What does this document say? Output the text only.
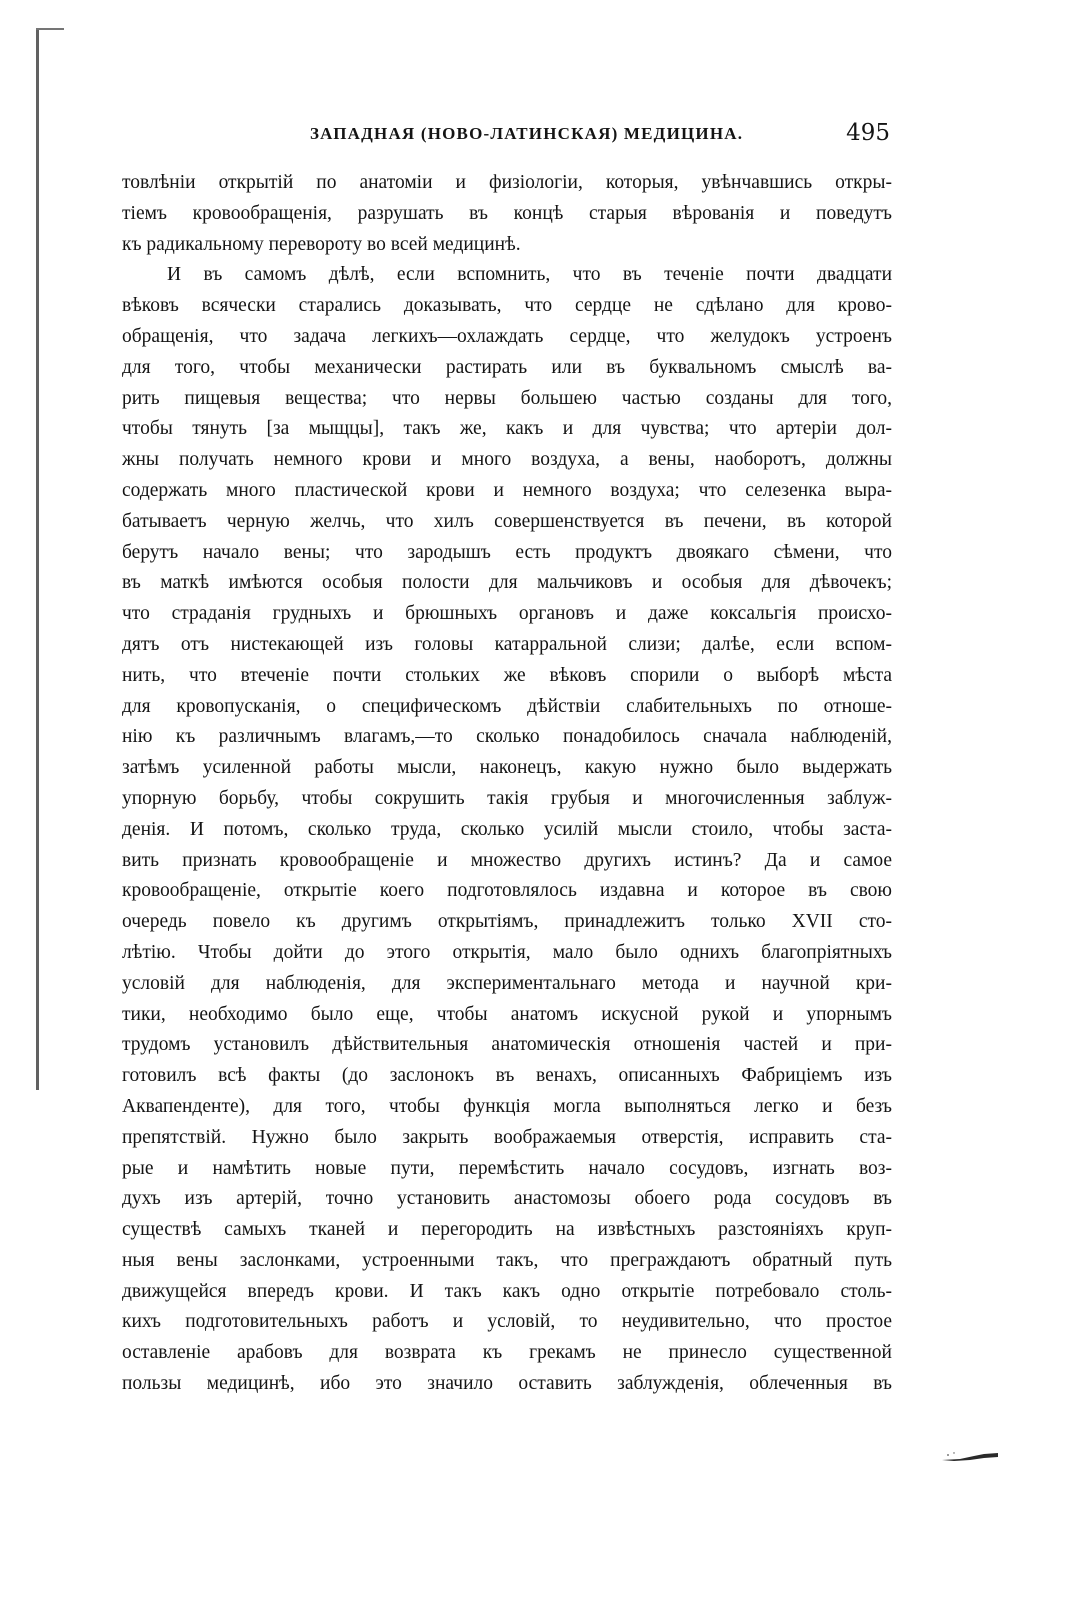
ЗАПАДНАЯ (НОВО-ЛАТИНСКАЯ) МЕДИЦИНА.	495
товлѣніи открытій по анатоміи и физіологіи, которыя, увѣнчавшись откры-
тіемъ кровообращенія, разрушать въ концѣ старыя вѣрованія и поведутъ
къ радикальному перевороту во всей медицинѣ.
И въ самомъ дѣлѣ, если вспомнить, что въ теченіе почти двадцати
вѣковъ всячески старались доказывать, что сердце не сдѣлано для крово-
обращенія, что задача легкихъ—охлаждать сердце, что желудокъ устроенъ
для того, чтобы механически растирать или въ буквальномъ смыслѣ ва-
рить пищевыя вещества; что нервы большею частью созданы для того,
чтобы тянуть [за мыщцы], такъ же, какъ и для чувства; что артеріи дол-
жны получать немного крови и много воздуха, а вены, наоборотъ, должны
содержать много пластической крови и немного воздуха; что селезенка выра-
батываетъ черную желчь, что хилъ совершенствуется въ печени, въ которой
берутъ начало вены; что зародышъ есть продуктъ двоякаго сѣмени, что
въ маткѣ имѣются особыя полости для мальчиковъ и особыя для дѣвочекъ;
что страданія грудныхъ и брюшныхъ органовъ и даже коксальгія происхо-
дятъ отъ нистекающей изъ головы катарральной слизи; далѣе, если вспом-
нить, что втеченіе почти стольких же вѣковъ спорили о выборѣ мѣста
для кровопусканія, о специфическомъ дѣйствіи слабительныхъ по отноше-
нію къ различнымъ влагамъ,—то сколько понадобилось сначала наблюденій,
затѣмъ усиленной работы мысли, наконецъ, какую нужно было выдержать
упорную борьбу, чтобы сокрушить такія грубыя и многочисленныя заблуж-
денія. И потомъ, сколько труда, сколько усилій мысли стоило, чтобы заста-
вить признать кровообращеніе и множество другихъ истинъ? Да и самое
кровообращеніе, открытіе коего подготовлялось издавна и которое въ свою
очередь повело къ другимъ открытіямъ, принадлежитъ только XVII сто-
лѣтію. Чтобы дойти до этого открытія, мало было однихъ благопріятныхъ
условій для наблюденія, для экспериментальнаго метода и научной кри-
тики, необходимо было еще, чтобы анатомъ искусной рукой и упорнымъ
трудомъ установилъ дѣйствительныя анатомическія отношенія частей и при-
готовилъ всѣ факты (до заслонокъ въ венахъ, описанныхъ Фабриціемъ изъ
Аквапенденте), для того, чтобы функція могла выполняться легко и безъ
препятствій. Нужно было закрыть воображаемыя отверстія, исправить ста-
рые и намѣтить новые пути, перемѣстить начало сосудовъ, изгнать воз-
духъ изъ артерій, точно установить анастомозы обоего рода сосудовъ въ
существѣ самыхъ тканей и перегородить на извѣстныхъ разстояніяхъ круп-
ныя вены заслонками, устроенными такъ, что преграждаютъ обратный путь
движущейся впередъ крови. И такъ какъ одно открытіе потребовало столь-
кихъ подготовительныхъ работъ и условій, то неудивительно, что простое
оставленіе арабовъ для возврата къ грекамъ не принесло существенной
пользы медицинѣ, ибо это значило оставить заблужденія, облеченныя въ
